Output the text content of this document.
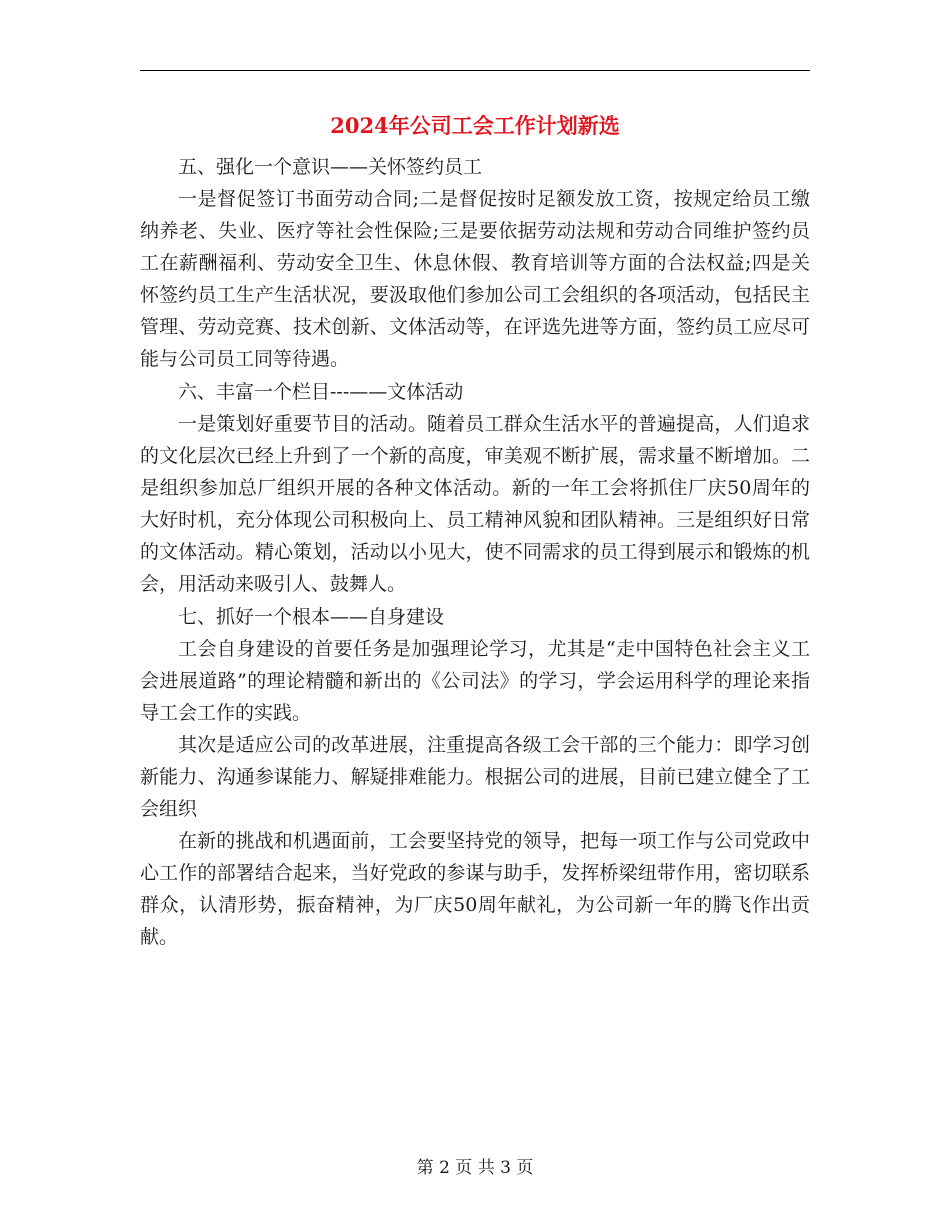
2024年公司工会工作计划新选

五、强化一个意识——关怀签约员工

一是督促签订书面劳动合同;二是督促按时足额发放工资，按规定给员工缴纳养老、失业、医疗等社会性保险;三是要依据劳动法规和劳动合同维护签约员工在薪酬福利、劳动安全卫生、休息休假、教育培训等方面的合法权益;四是关怀签约员工生产生活状况，要汲取他们参加公司工会组织的各项活动，包括民主管理、劳动竞赛、技术创新、文体活动等，在评选先进等方面，签约员工应尽可能与公司员工同等待遇。

六、丰富一个栏目---——文体活动

一是策划好重要节目的活动。随着员工群众生活水平的普遍提高，人们追求的文化层次已经上升到了一个新的高度，审美观不断扩展，需求量不断增加。二是组织参加总厂组织开展的各种文体活动。新的一年工会将抓住厂庆50周年的大好时机，充分体现公司积极向上、员工精神风貌和团队精神。三是组织好日常的文体活动。精心策划，活动以小见大，使不同需求的员工得到展示和锻炼的机会，用活动来吸引人、鼓舞人。

七、抓好一个根本——自身建设

工会自身建设的首要任务是加强理论学习，尤其是“走中国特色社会主义工会进展道路”的理论精髓和新出的《公司法》的学习，学会运用科学的理论来指导工会工作的实践。

其次是适应公司的改革进展，注重提高各级工会干部的三个能力：即学习创新能力、沟通参谋能力、解疑排难能力。根据公司的进展，目前已建立健全了工会组织

在新的挑战和机遇面前，工会要坚持党的领导，把每一项工作与公司党政中心工作的部署结合起来，当好党政的参谋与助手，发挥桥梁纽带作用，密切联系群众，认清形势，振奋精神，为厂庆50周年献礼，为公司新一年的腾飞作出贡献。

第 2 页 共 3 页
